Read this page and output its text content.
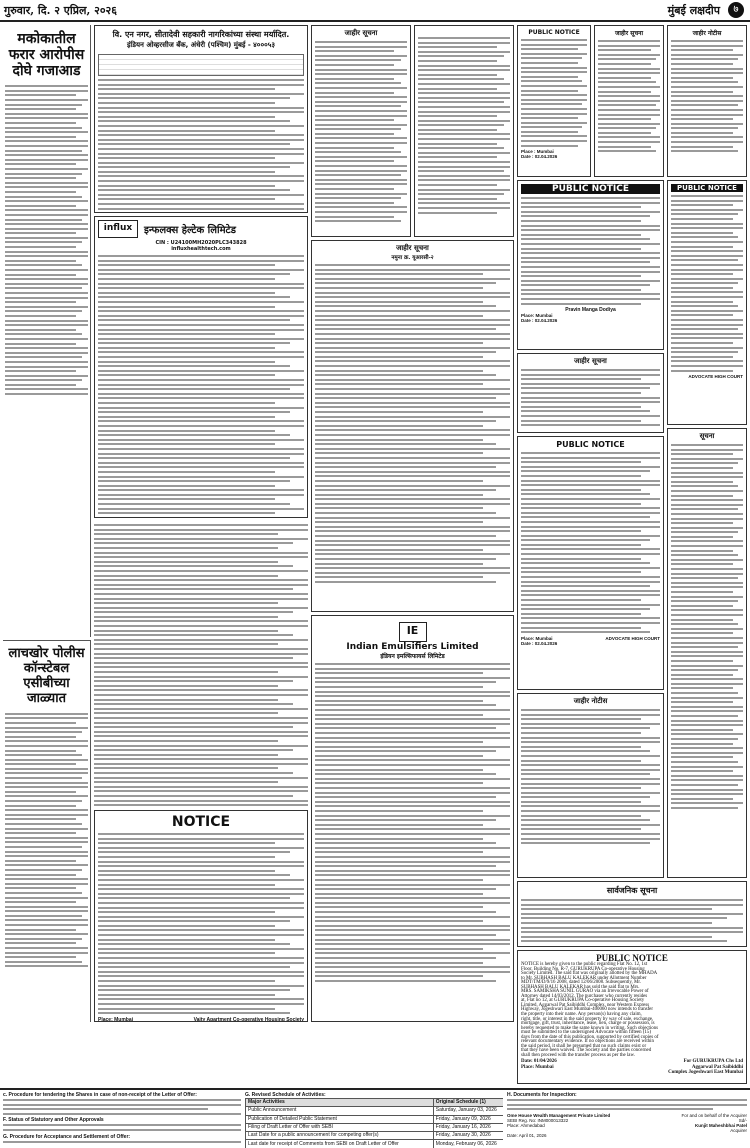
गुरुवार, दि. २ एप्रिल, २०२६	मुंबई लक्षदीप	७
मकोकातील फरार आरोपीस दोघे गजाआड
लाचखोर पोलीस कॉन्स्टेबल एसीबीच्या जाळ्यात
वि. एन नगर, सीतादेवी सहकारी नागरिकांच्या संस्था मर्यादित.
इंडियन ओव्हरसीज बँक, अंधेरी (पश्चिम) मुंबई - ४०००५३
influx	इन्फलक्स हेल्टेक लिमिटेड
CIN : U24100MH2020PLC343828
influxhealthtech.com
NOTICE
Place: Mumbai	Vaity Apartment Co-operative Housing Society
जाहीर सूचना
जाहीर सूचना
नमुना क्र. यूआरसी-२
IE
Indian Emulsifiers Limited
इंडियन इमल्सिफायर्स लिमिटेड
PUBLIC NOTICE
Place : Mumbai
Date : 02.04.2026
जाहीर सूचना
PUBLIC NOTICE
Pravin Manga Dodiya
Place: Mumbai
Date : 02.04.2026
जाहीर सूचना
PUBLIC NOTICE
Place: Mumbai
Date : 02.04.2026
ADVOCATE HIGH COURT
जाहीर नोटीस
जाहीर नोटीस
PUBLIC NOTICE
ADVOCATE HIGH COURT
सूचना
सार्वजनिक सूचना
PUBLIC NOTICE
NOTICE is hereby given to the public regarding Flat No. 12, 1st
Floor, Building No. R-7, GURUKRUPA Co-operative Housing
Society Limited. The said flat was originally allotted by the MHADA
to Mr. SUBHASH BALU KALEKAR under Allotment Number
MDT/TM/D/9/16 2008, dated 12/06/2008. Subsequently, Mr.
SUBHASH BALU KALEKAR has sold the said flat to Mrs.
MRS. SAMIKSHA SUNIL GURAO via an Irrevocable Power of
Attorney dated 14/03/2012. The purchaser who currently resides
at, Flat no 12, at GURUKRUPA Co-operative Housing Society
Limited, Aggarwal Pat Saibiddhi Complex, near Western Express
Highway, Jogeshwari East Mumbai-400060 now intends to transfer
the property into their name. Any person(s) having any claim,
right, title, or interest in the said property by way of sale, exchange,
mortgage, gift, trust, inheritance, lease, lien, charge or possession, is
hereby requested to make the same known in writing. Such objections
must be submitted to the undersigned Advocate within fifteen (15)
days from the date of this publication, supported by certified copies of
relevant documentary evidence. If no objections are received within
the said period, it shall be presumed that no such claims exist or
that they have been waived. The Society and the parties concerned
shall then proceed with the transfer process as per the law.
Date: 01/04/2026
Place: Mumbai
For GURUKRUPA Chs Ltd
Aggarwal Pat Saibiddhi
Complex Jogeshwari East Mumbai
c. Procedure for tendering the Shares in case of non-receipt of the Letter of Offer:
F. Status of Statutory and Other Approvals
G. Procedure for Acceptance and Settlement of Offer:
G. Revised Schedule of Activities:
Major Activities	Original Schedule (1)	
Public Announcement	Saturday, January 03, 2026	
Publication of Detailed Public Statement	Friday, January 09, 2026	
Filing of Draft Letter of Offer with SEBI	Friday, January 16, 2026	
Last Date for a public announcement for competing offer(s)	Friday, January 30, 2026	
Last date for receipt of Comments from SEBI on Draft Letter of Offer	Monday, February 06, 2026	

H. Documents for Inspection:
Ome House Wealth Management Private Limited
SEBI Reg. No: INM000013322
Place: Ahmedabad
For and on behalf of the Acquirer
Sd/-
Kunjit Maheshbhai Patel
Acquirer
Date: April 01, 2026
